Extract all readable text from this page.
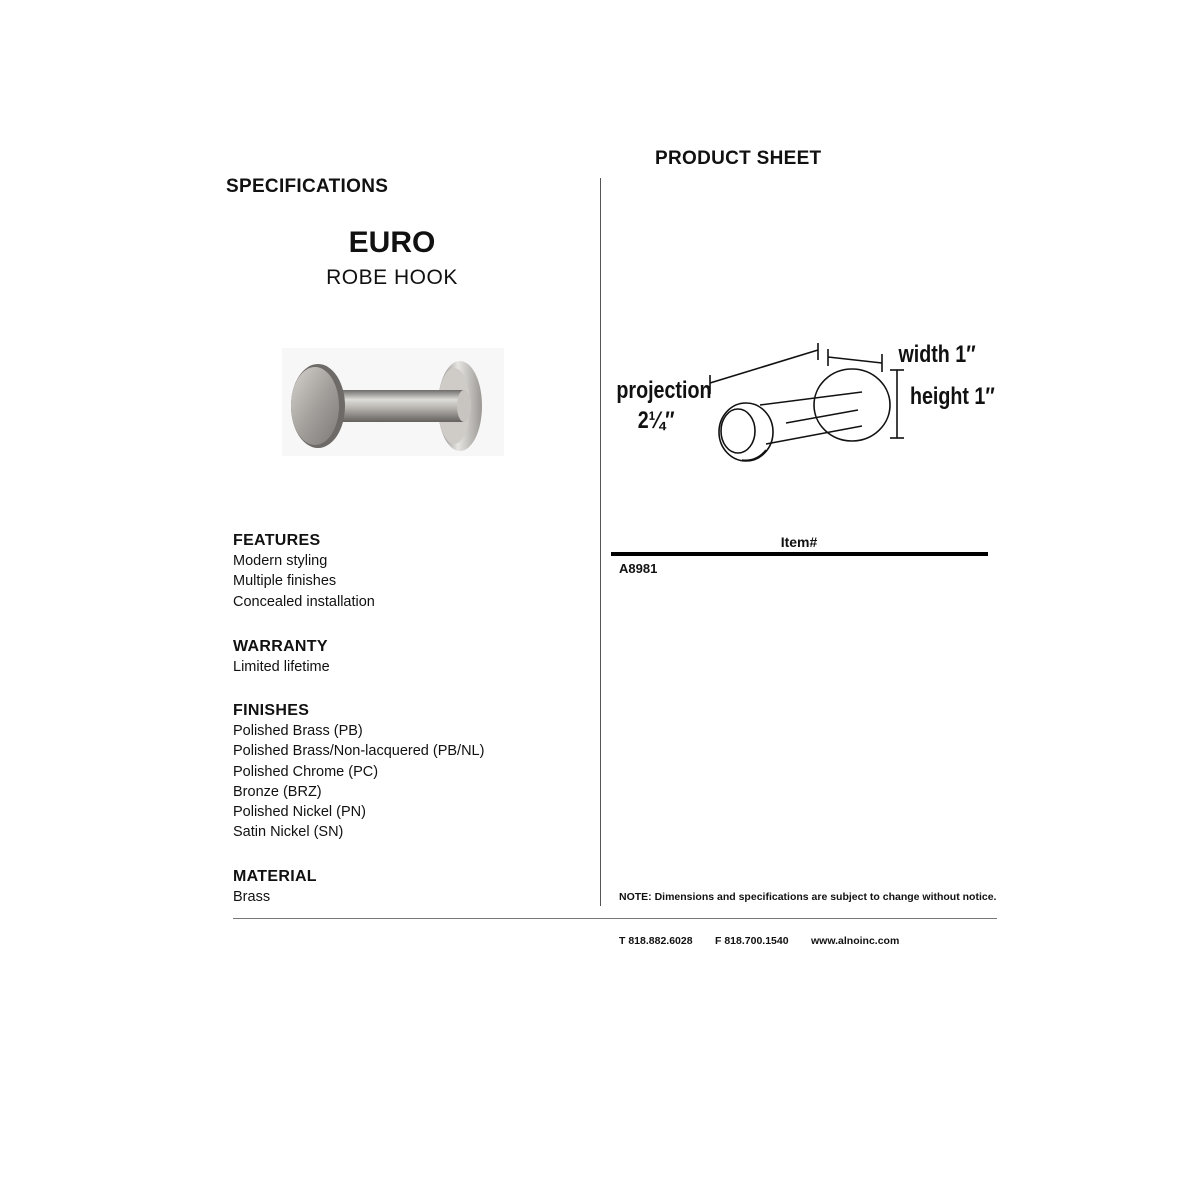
PRODUCT SHEET
SPECIFICATIONS
EURO
ROBE HOOK
projection
2¼″
width 1″
height 1″
FEATURES
Modern styling
Multiple finishes
Concealed installation
WARRANTY
Limited lifetime
FINISHES
Polished Brass (PB)
Polished Brass/Non-lacquered (PB/NL)
Polished Chrome (PC)
Bronze (BRZ)
Polished Nickel (PN)
Satin Nickel (SN)
MATERIAL
Brass
Item#
A8981
NOTE: Dimensions and specifications are subject to change without notice.
T 818.882.6028 F 818.700.1540 www.alnoinc.com
